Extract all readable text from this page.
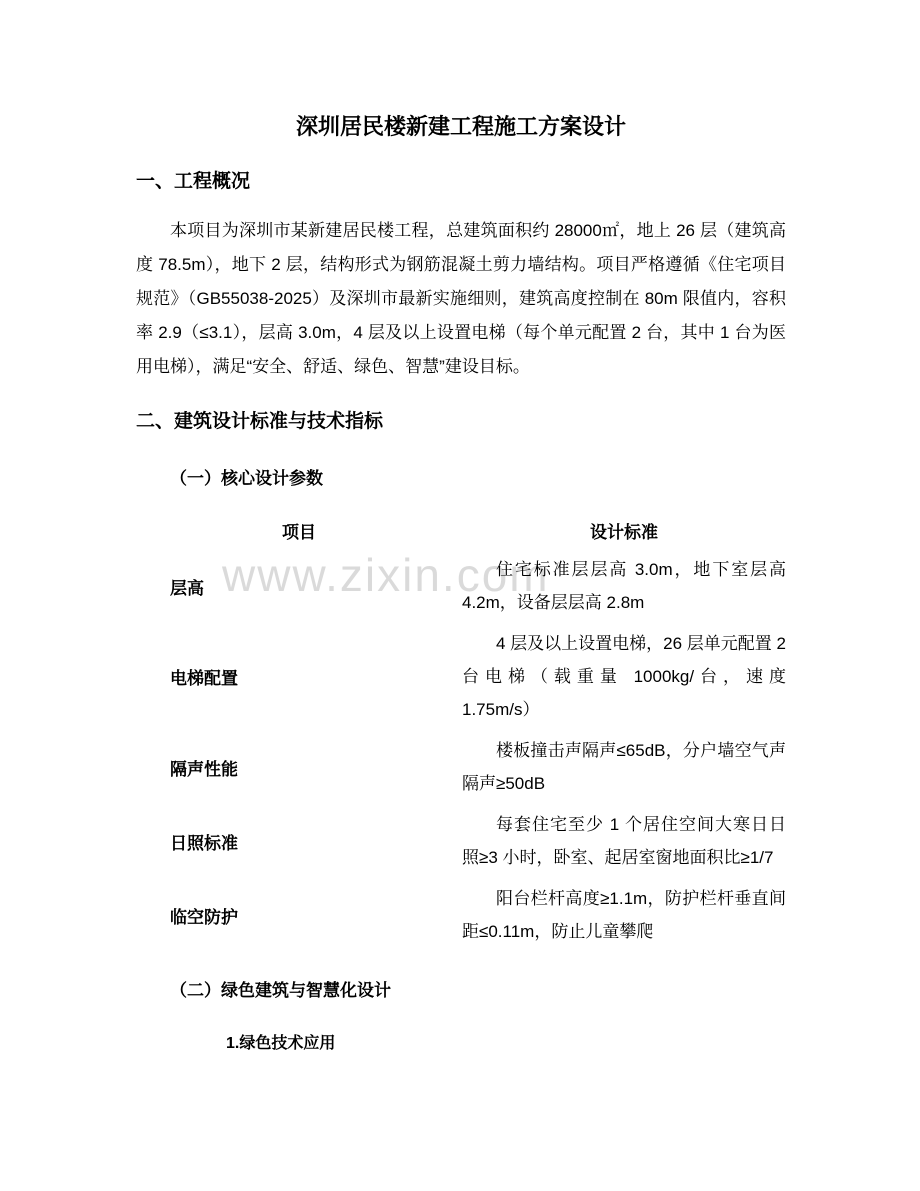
www.zixin.com
深圳居民楼新建工程施工方案设计
一、工程概况
本项目为深圳市某新建居民楼工程，总建筑面积约 28000㎡，地上 26 层（建筑高度 78.5m），地下 2 层，结构形式为钢筋混凝土剪力墙结构。项目严格遵循《住宅项目规范》（GB55038-2025）及深圳市最新实施细则，建筑高度控制在 80m 限值内，容积率 2.9（≤3.1），层高 3.0m，4 层及以上设置电梯（每个单元配置 2 台，其中 1 台为医用电梯），满足“安全、舒适、绿色、智慧”建设目标。
二、建筑设计标准与技术指标
（一）核心设计参数
项目	设计标准
层高
住宅标准层层高 3.0m，地下室层高 4.2m，设备层层高 2.8m
电梯配置
4 层及以上设置电梯，26 层单元配置 2 台电梯（载重量 1000kg/台，速度 1.75m/s）
隔声性能
楼板撞击声隔声≤65dB，分户墙空气声隔声≥50dB
日照标准
每套住宅至少 1 个居住空间大寒日日照≥3 小时，卧室、起居室窗地面积比≥1/7
临空防护
阳台栏杆高度≥1.1m，防护栏杆垂直间距≤0.11m，防止儿童攀爬
（二）绿色建筑与智慧化设计
1.绿色技术应用
